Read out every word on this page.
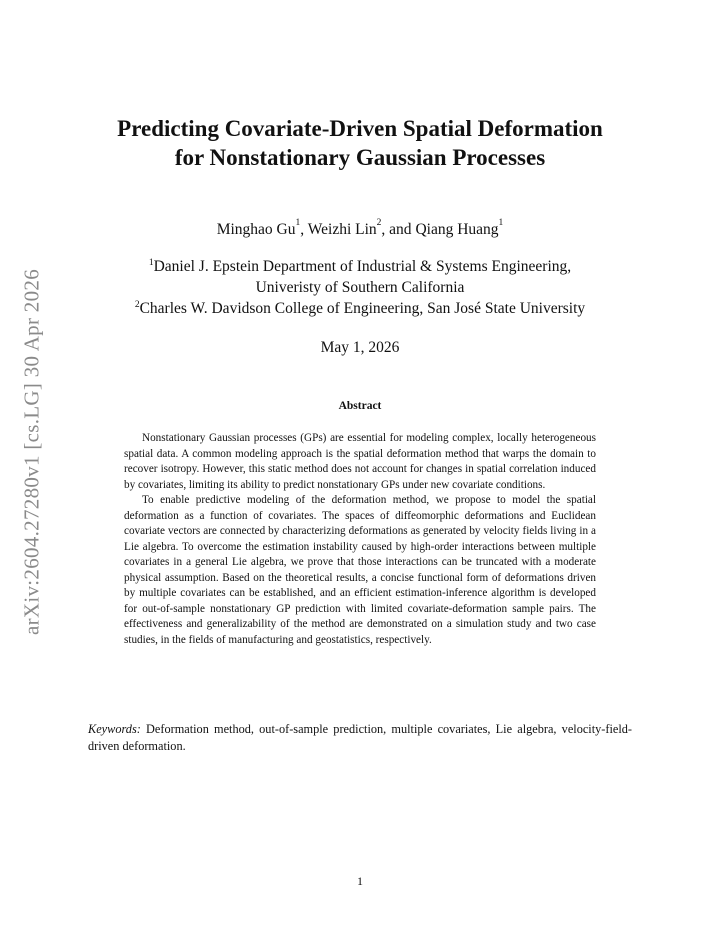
arXiv:2604.27280v1 [cs.LG] 30 Apr 2026
Predicting Covariate-Driven Spatial Deformation for Nonstationary Gaussian Processes
Minghao Gu$^1$, Weizhi Lin$^2$, and Qiang Huang$^1$
$^1$Daniel J. Epstein Department of Industrial & Systems Engineering,
Univeristy of Southern California
$^2$Charles W. Davidson College of Engineering, San José State University
May 1, 2026
Abstract

Nonstationary Gaussian processes (GPs) are essential for modeling complex, locally heterogeneous spatial data. A common modeling approach is the spatial deformation method that warps the domain to recover isotropy. However, this static method does not account for changes in spatial correlation induced by covariates, limiting its ability to predict nonstationary GPs under new covariate conditions.

To enable predictive modeling of the deformation method, we propose to model the spatial deformation as a function of covariates. The spaces of diffeomorphic deformations and Euclidean covariate vectors are connected by characterizing deformations as generated by velocity fields living in a Lie algebra. To overcome the estimation instability caused by high-order interactions between multiple covariates in a general Lie algebra, we prove that those interactions can be truncated with a moderate physical assumption. Based on the theoretical results, a concise functional form of deformations driven by multiple covariates can be established, and an efficient estimation-inference algorithm is developed for out-of-sample nonstationary GP prediction with limited covariate-deformation sample pairs. The effectiveness and generalizability of the method are demonstrated on a simulation study and two case studies, in the fields of manufacturing and geostatistics, respectively.

Keywords: Deformation method, out-of-sample prediction, multiple covariates, Lie algebra, velocity-field-driven deformation.
1
